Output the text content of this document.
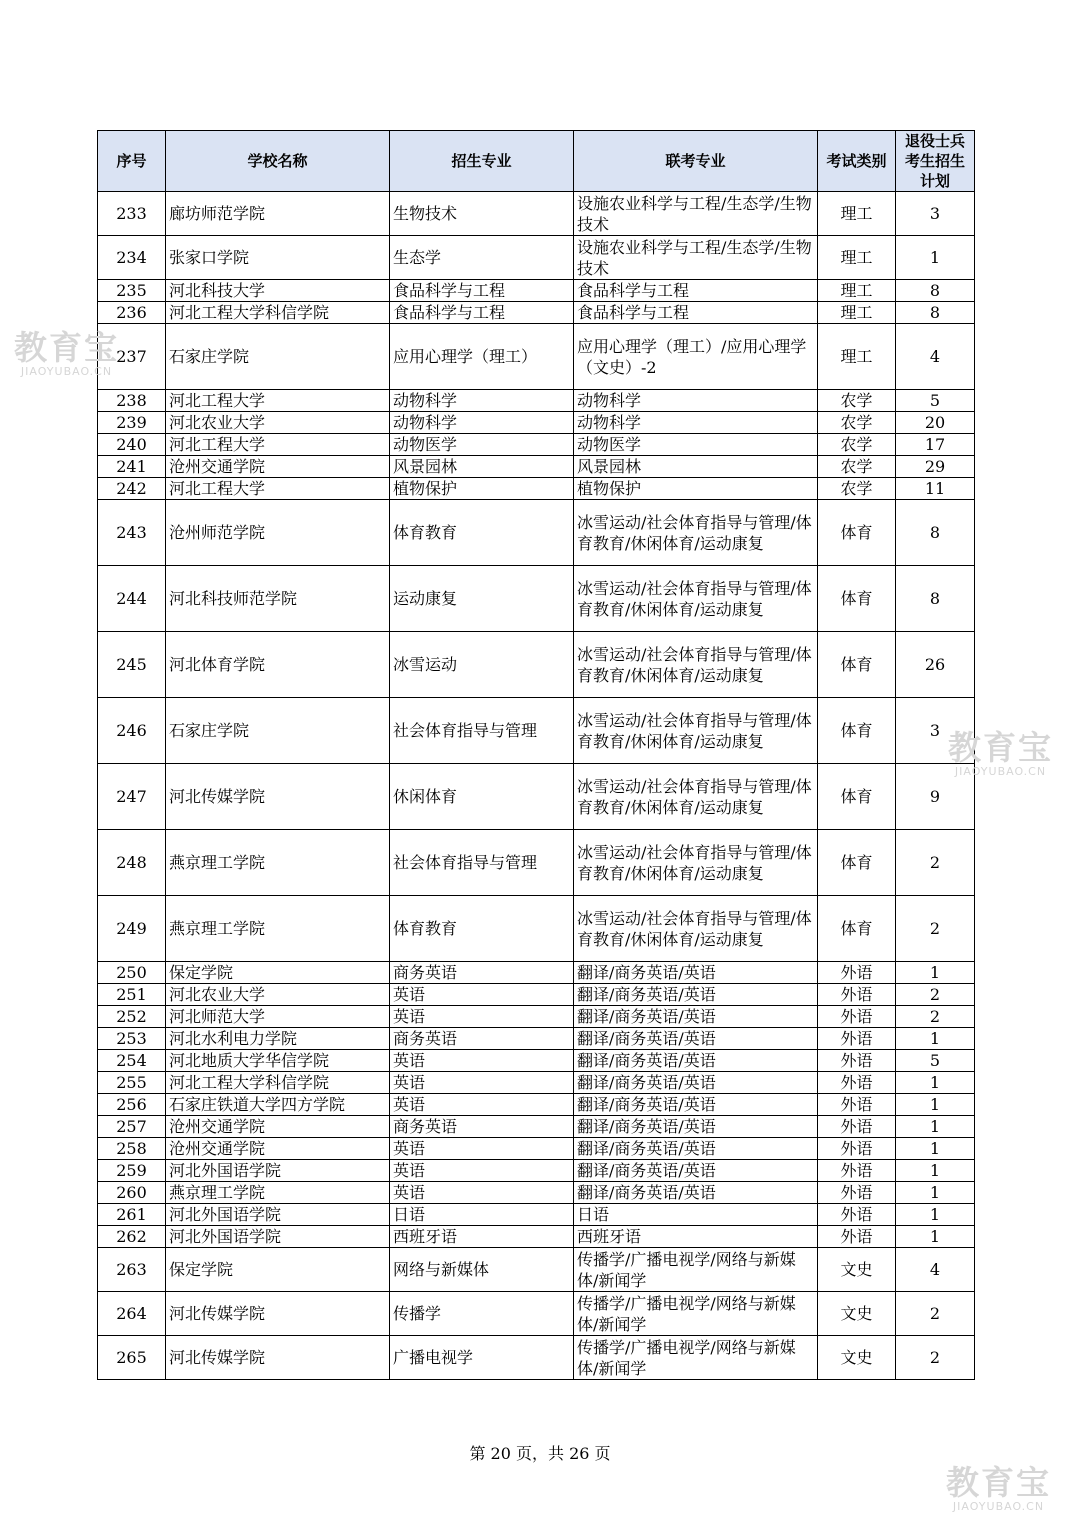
序号	学校名称	招生专业	联考专业	考试类别	退役士兵考生招生计划
233	廊坊师范学院	生物技术	设施农业科学与工程/生态学/生物技术	理工	3
234	张家口学院	生态学	设施农业科学与工程/生态学/生物技术	理工	1
235	河北科技大学	食品科学与工程	食品科学与工程	理工	8
236	河北工程大学科信学院	食品科学与工程	食品科学与工程	理工	8
237	石家庄学院	应用心理学（理工）	应用心理学（理工）/应用心理学（文史）-2	理工	4
238	河北工程大学	动物科学	动物科学	农学	5
239	河北农业大学	动物科学	动物科学	农学	20
240	河北工程大学	动物医学	动物医学	农学	17
241	沧州交通学院	风景园林	风景园林	农学	29
242	河北工程大学	植物保护	植物保护	农学	11
243	沧州师范学院	体育教育	冰雪运动/社会体育指导与管理/体育教育/休闲体育/运动康复	体育	8
244	河北科技师范学院	运动康复	冰雪运动/社会体育指导与管理/体育教育/休闲体育/运动康复	体育	8
245	河北体育学院	冰雪运动	冰雪运动/社会体育指导与管理/体育教育/休闲体育/运动康复	体育	26
246	石家庄学院	社会体育指导与管理	冰雪运动/社会体育指导与管理/体育教育/休闲体育/运动康复	体育	3
247	河北传媒学院	休闲体育	冰雪运动/社会体育指导与管理/体育教育/休闲体育/运动康复	体育	9
248	燕京理工学院	社会体育指导与管理	冰雪运动/社会体育指导与管理/体育教育/休闲体育/运动康复	体育	2
249	燕京理工学院	体育教育	冰雪运动/社会体育指导与管理/体育教育/休闲体育/运动康复	体育	2
250	保定学院	商务英语	翻译/商务英语/英语	外语	1
251	河北农业大学	英语	翻译/商务英语/英语	外语	2
252	河北师范大学	英语	翻译/商务英语/英语	外语	2
253	河北水利电力学院	商务英语	翻译/商务英语/英语	外语	1
254	河北地质大学华信学院	英语	翻译/商务英语/英语	外语	5
255	河北工程大学科信学院	英语	翻译/商务英语/英语	外语	1
256	石家庄铁道大学四方学院	英语	翻译/商务英语/英语	外语	1
257	沧州交通学院	商务英语	翻译/商务英语/英语	外语	1
258	沧州交通学院	英语	翻译/商务英语/英语	外语	1
259	河北外国语学院	英语	翻译/商务英语/英语	外语	1
260	燕京理工学院	英语	翻译/商务英语/英语	外语	1
261	河北外国语学院	日语	日语	外语	1
262	河北外国语学院	西班牙语	西班牙语	外语	1
263	保定学院	网络与新媒体	传播学/广播电视学/网络与新媒体/新闻学	文史	4
264	河北传媒学院	传播学	传播学/广播电视学/网络与新媒体/新闻学	文史	2
265	河北传媒学院	广播电视学	传播学/广播电视学/网络与新媒体/新闻学	文史	2
第 20 页，共 26 页
教育宝
JIAOYUBAO.CN
教育宝
JIAOYUBAO.CN
教育宝
JIAOYUBAO.CN
